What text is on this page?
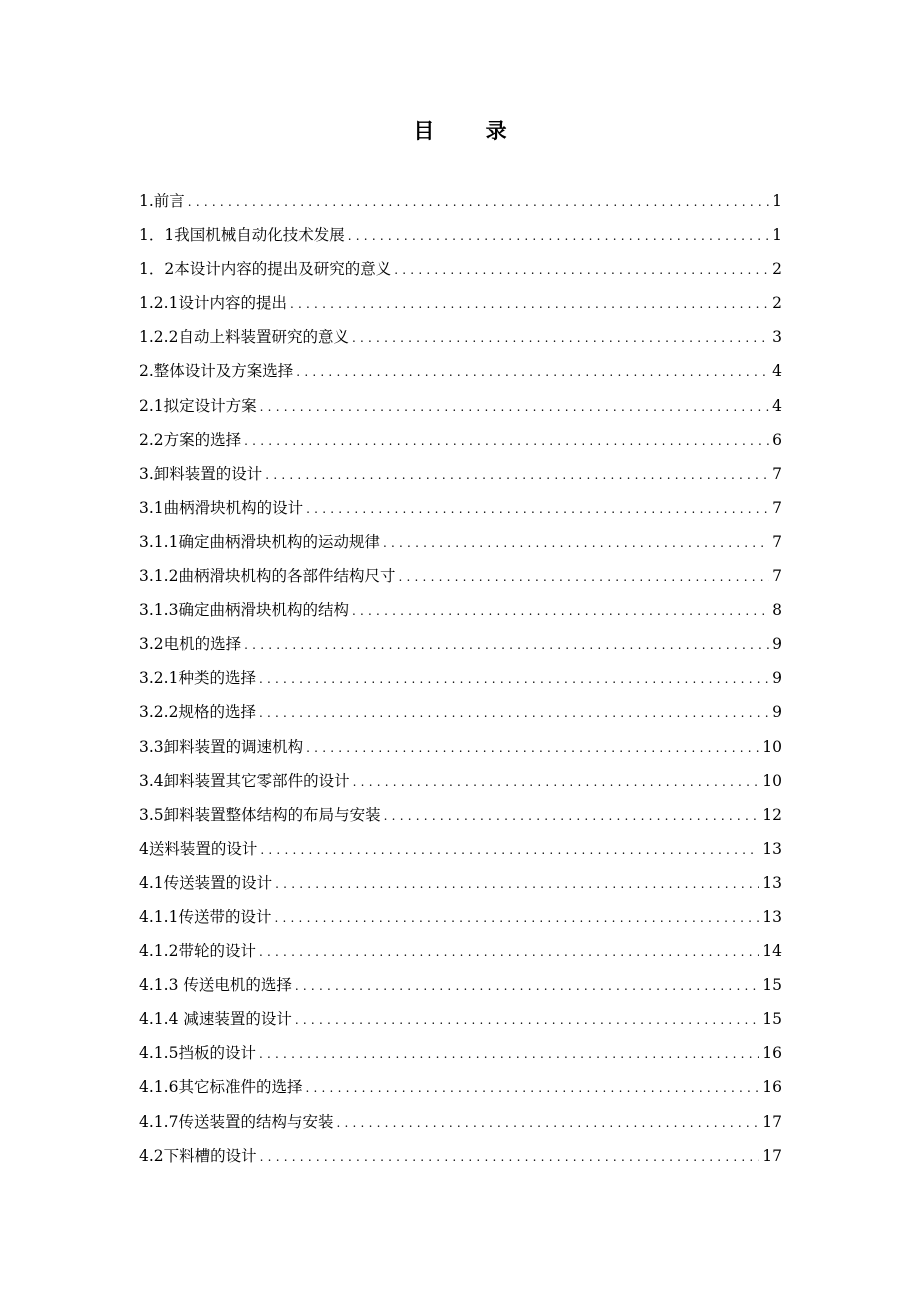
目 录
1.前言 . . .	1
1．1我国机械自动化技术发展 . . .	1
1．2本设计内容的提出及研究的意义 . . .	2
1.2.1设计内容的提出 . . .	2
1.2.2自动上料装置研究的意义 . . .	3
2.整体设计及方案选择 . . .	4
2.1拟定设计方案 . . .	4
2.2方案的选择 . . .	6
3.卸料装置的设计 . . .	7
3.1曲柄滑块机构的设计 . . .	7
3.1.1确定曲柄滑块机构的运动规律 . . .	7
3.1.2曲柄滑块机构的各部件结构尺寸 . . .	7
3.1.3确定曲柄滑块机构的结构 . . .	8
3.2电机的选择 . . .	9
3.2.1种类的选择 . . .	9
3.2.2规格的选择 . . .	9
3.3卸料装置的调速机构 . . .	10
3.4卸料装置其它零部件的设计 . . .	10
3.5卸料装置整体结构的布局与安装 . . .	12
4送料装置的设计 . . .	13
4.1传送装置的设计 . . .	13
4.1.1传送带的设计 . . .	13
4.1.2带轮的设计 . . .	14
4.1.3 传送电机的选择 . . .	15
4.1.4 减速装置的设计 . . .	15
4.1.5挡板的设计 . . .	16
4.1.6其它标准件的选择 . . .	16
4.1.7传送装置的结构与安装 . . .	17
4.2下料槽的设计 . . .	17
